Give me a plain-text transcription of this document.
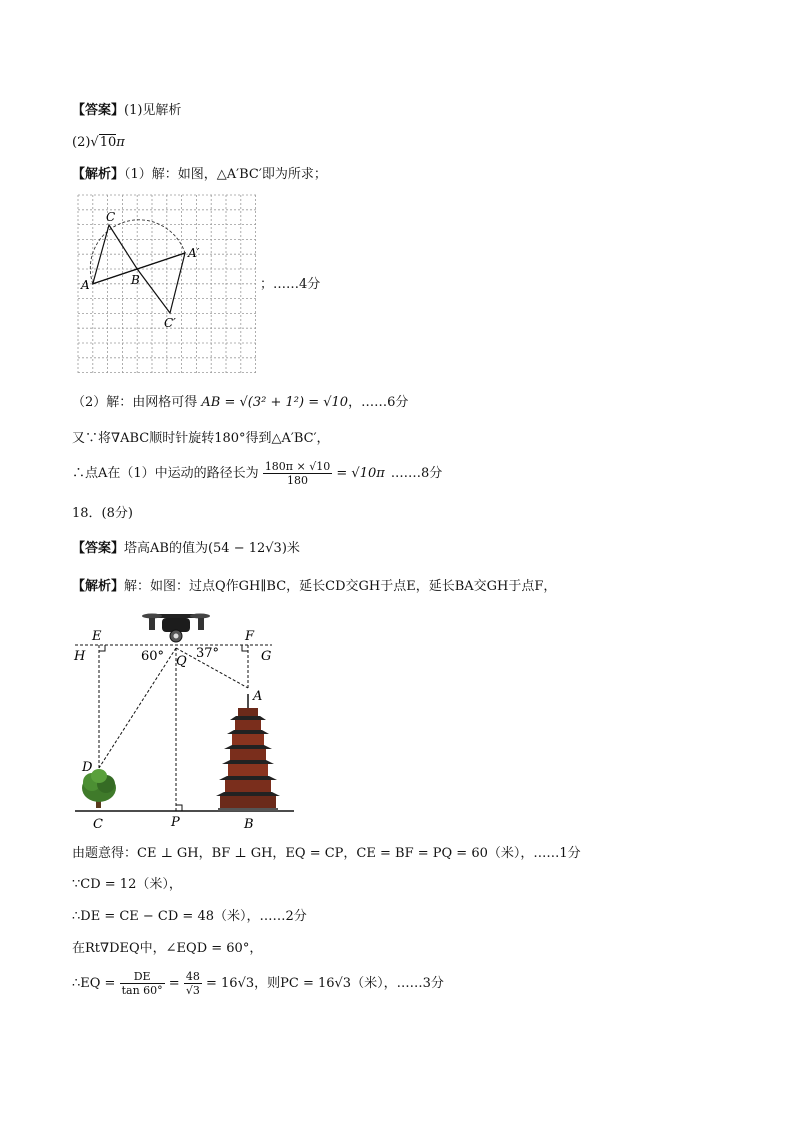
【答案】(1)见解析
(2)√10π
【解析】（1）解：如图，△A′BC′即为所求；
C
A′
A	B
C′
；……4分
（2）解：由网格可得 AB = √(3² + 1²) = √10，……6分
又∵将∇ABC顺时针旋转180°得到△A′BC′，
∴点A在（1）中运动的路径长为 $\frac{180\pi \times √10}{180} = √10\pi$ .……8分
18．(8分)
【答案】塔高AB的值为(54 − 12√3)米
【解析】解：如图：过点Q作GH∥BC，延长CD交GH于点E，延长BA交GH于点F，
E	F
H	G
60° 37°
Q
A
D
C	P	B
由题意得：CE ⊥ GH，BF ⊥ GH，EQ = CP，CE = BF = PQ = 60（米），……1分
∵CD = 12（米），
∴DE = CE − CD = 48（米），……2分
在Rt∇DEQ中，∠EQD = 60°，
∴EQ = $\frac{DE}{\tan 60^\circ} = \frac{48}{√3} = 16√3$，则PC = 16√3（米），……3分
